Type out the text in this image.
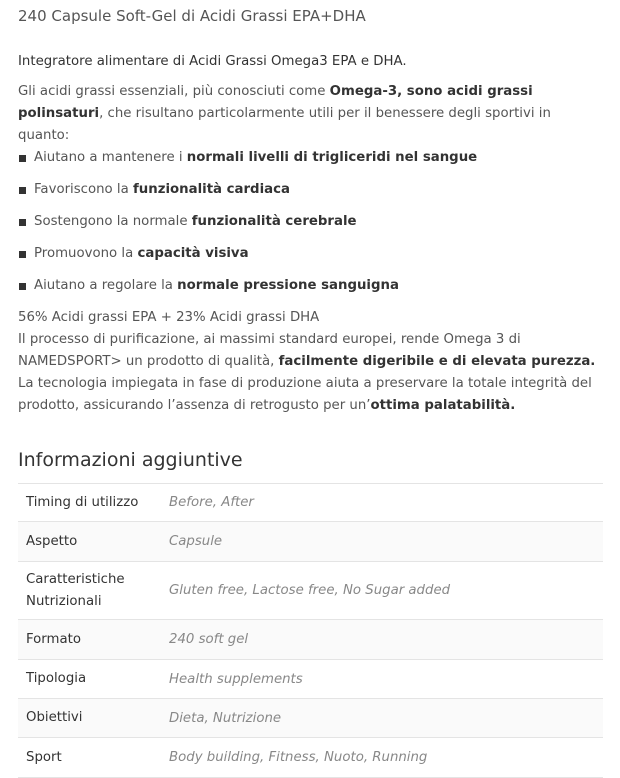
240 Capsule Soft-Gel di Acidi Grassi EPA+DHA

Integratore alimentare di Acidi Grassi Omega3 EPA e DHA.

Gli acidi grassi essenziali, più conosciuti come Omega-3, sono acidi grassi polinsaturi, che risultano particolarmente utili per il benessere degli sportivi in quanto:

Aiutano a mantenere i normali livelli di trigliceridi nel sangue
Favoriscono la funzionalità cardiaca
Sostengono la normale funzionalità cerebrale
Promuovono la capacità visiva
Aiutano a regolare la normale pressione sanguigna

56% Acidi grassi EPA + 23% Acidi grassi DHA
Il processo di purificazione, ai massimi standard europei, rende Omega 3 di NAMEDSPORT> un prodotto di qualità, facilmente digeribile e di elevata purezza. La tecnologia impiegata in fase di produzione aiuta a preservare la totale integrità del prodotto, assicurando l’assenza di retrogusto per un’ottima palatabilità.

Informazioni aggiuntive
Timing di utilizzo	Before, After
Aspetto	Capsule
Caratteristiche Nutrizionali	Gluten free, Lactose free, No Sugar added
Formato	240 soft gel
Tipologia	Health supplements
Obiettivi	Dieta, Nutrizione
Sport	Body building, Fitness, Nuoto, Running
